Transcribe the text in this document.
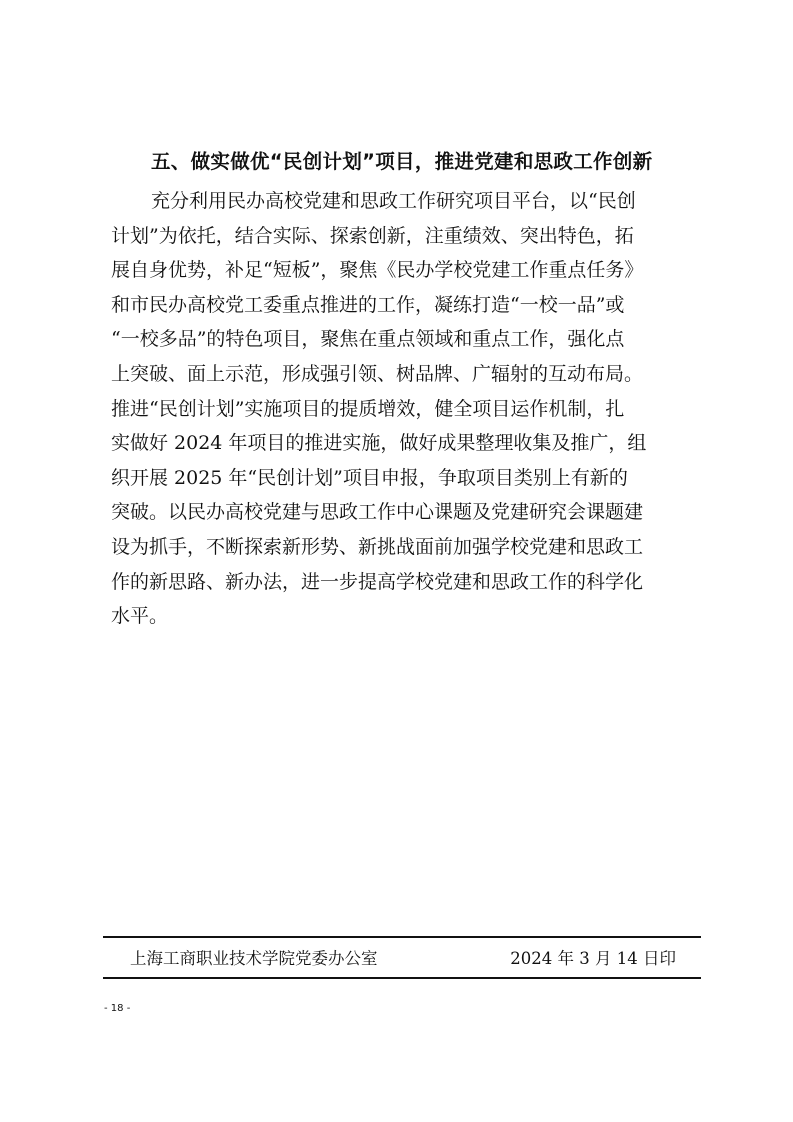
五、做实做优“民创计划”项目，推进党建和思政工作创新
充分利用民办高校党建和思政工作研究项目平台，以“民创
计划”为依托，结合实际、探索创新，注重绩效、突出特色，拓
展自身优势，补足“短板”，聚焦《民办学校党建工作重点任务》
和市民办高校党工委重点推进的工作，凝练打造“一校一品”或
“一校多品”的特色项目，聚焦在重点领域和重点工作，强化点
上突破、面上示范，形成强引领、树品牌、广辐射的互动布局。
推进“民创计划”实施项目的提质增效，健全项目运作机制，扎
实做好 2024 年项目的推进实施，做好成果整理收集及推广，组
织开展 2025 年“民创计划”项目申报，争取项目类别上有新的
突破。以民办高校党建与思政工作中心课题及党建研究会课题建
设为抓手，不断探索新形势、新挑战面前加强学校党建和思政工
作的新思路、新办法，进一步提高学校党建和思政工作的科学化
水平。
上海工商职业技术学院党委办公室	2024 年 3 月 14 日印
- 18 -
